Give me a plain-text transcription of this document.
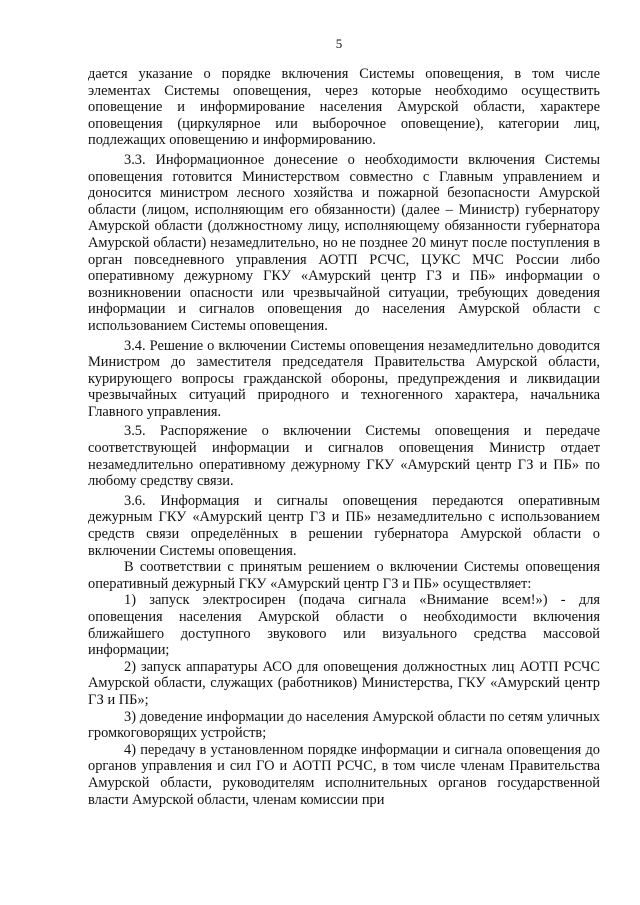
5

дается указание о порядке включения Системы оповещения, в том числе элементах Системы оповещения, через которые необходимо осуществить оповещение и информирование населения Амурской области, характере оповещения (циркулярное или выборочное оповещение), категории лиц, подлежащих оповещению и информированию.

3.3. Информационное донесение о необходимости включения Системы оповещения готовится Министерством совместно с Главным управлением и доносится министром лесного хозяйства и пожарной безопасности Амурской области (лицом, исполняющим его обязанности) (далее – Министр) губернатору Амурской области (должностному лицу, исполняющему обязанности губернатора Амурской области) незамедлительно, но не позднее 20 минут после поступления в орган повседневного управления АОТП РСЧС, ЦУКС МЧС России либо оперативному дежурному ГКУ «Амурский центр ГЗ и ПБ» информации о возникновении опасности или чрезвычайной ситуации, требующих доведения информации и сигналов оповещения до населения Амурской области с использованием Системы оповещения.

3.4. Решение о включении Системы оповещения незамедлительно доводится Министром до заместителя председателя Правительства Амурской области, курирующего вопросы гражданской обороны, предупреждения и ликвидации чрезвычайных ситуаций природного и техногенного характера, начальника Главного управления.

3.5. Распоряжение о включении Системы оповещения и передаче соответствующей информации и сигналов оповещения Министр отдает незамедлительно оперативному дежурному ГКУ «Амурский центр ГЗ и ПБ» по любому средству связи.

3.6. Информация и сигналы оповещения передаются оперативным дежурным ГКУ «Амурский центр ГЗ и ПБ» незамедлительно с использованием средств связи определённых в решении губернатора Амурской области о включении Системы оповещения.

В соответствии с принятым решением о включении Системы оповещения оперативный дежурный ГКУ «Амурский центр ГЗ и ПБ» осуществляет:

1) запуск электросирен (подача сигнала «Внимание всем!») - для оповещения населения Амурской области о необходимости включения ближайшего доступного звукового или визуального средства массовой информации;

2) запуск аппаратуры АСО для оповещения должностных лиц АОТП РСЧС Амурской области, служащих (работников) Министерства, ГКУ «Амурский центр ГЗ и ПБ»;

3) доведение информации до населения Амурской области по сетям уличных громкоговорящих устройств;

4) передачу в установленном порядке информации и сигнала оповещения до органов управления и сил ГО и АОТП РСЧС, в том числе членам Правительства Амурской области, руководителям исполнительных органов государственной власти Амурской области, членам комиссии при
